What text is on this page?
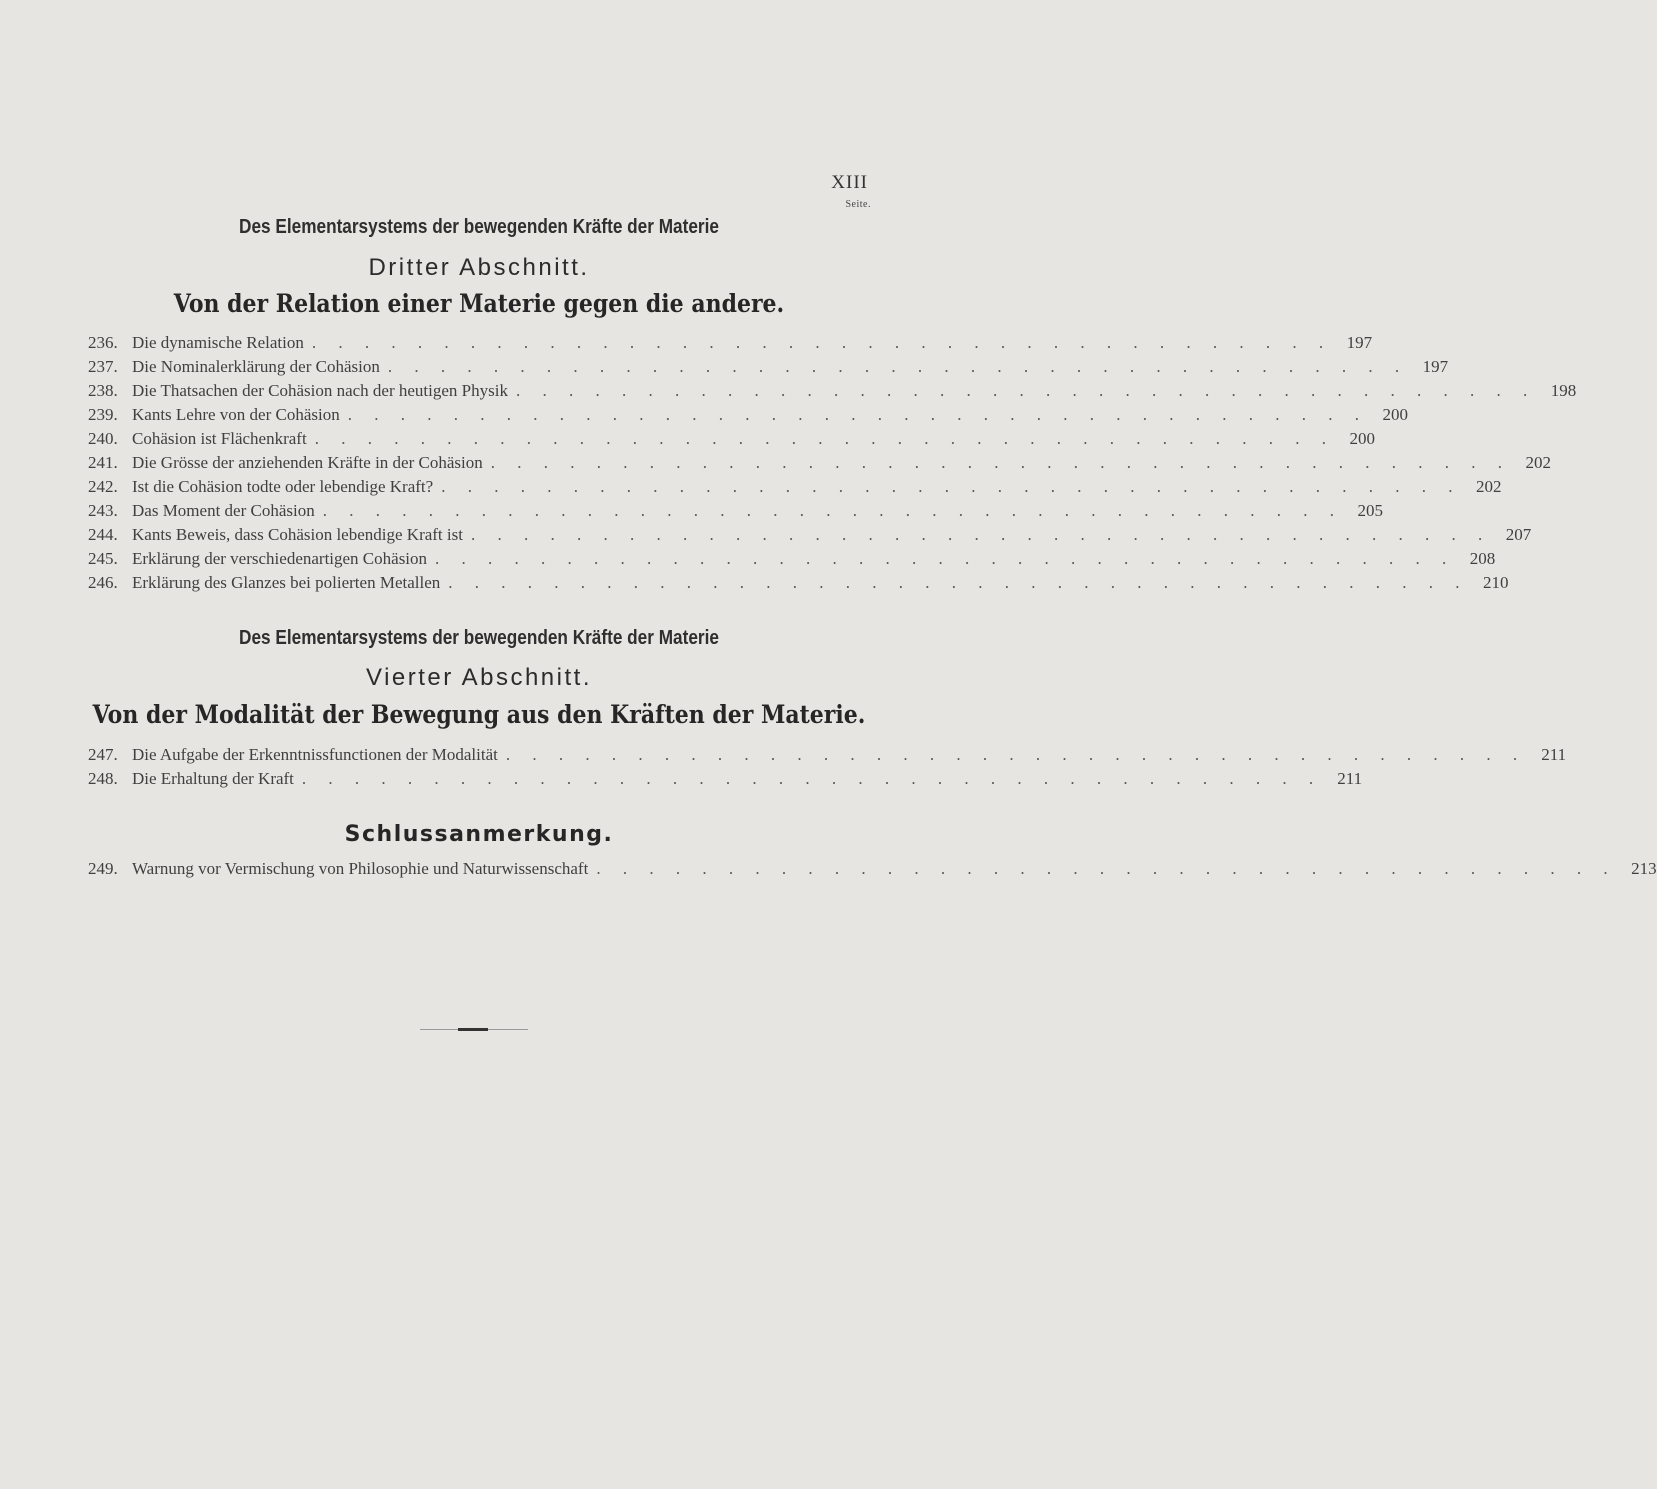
XIII
Seite.
Des Elementarsystems der bewegenden Kräfte der Materie
Dritter Abschnitt.
Von der Relation einer Materie gegen die andere.
236. Die dynamische Relation . . . . . . . . . . . . . . . . . . . . . . . . . . . . . . . . . . . . . . . 197
237. Die Nominalerklärung der Cohäsion . . . . . . . . . . . . . . . . . . . . . . . . . . . . . . . . . . . . . . . 197
238. Die Thatsachen der Cohäsion nach der heutigen Physik . . . . . . . . . . . . . . . . . . . . . . . . . . . . . . . . . . . . . . . 198
239. Kants Lehre von der Cohäsion . . . . . . . . . . . . . . . . . . . . . . . . . . . . . . . . . . . . . . . 200
240. Cohäsion ist Flächenkraft . . . . . . . . . . . . . . . . . . . . . . . . . . . . . . . . . . . . . . . 200
241. Die Grösse der anziehenden Kräfte in der Cohäsion . . . . . . . . . . . . . . . . . . . . . . . . . . . . . . . . . . . . . . . 202
242. Ist die Cohäsion todte oder lebendige Kraft? . . . . . . . . . . . . . . . . . . . . . . . . . . . . . . . . . . . . . . . 202
243. Das Moment der Cohäsion . . . . . . . . . . . . . . . . . . . . . . . . . . . . . . . . . . . . . . . 205
244. Kants Beweis, dass Cohäsion lebendige Kraft ist . . . . . . . . . . . . . . . . . . . . . . . . . . . . . . . . . . . . . . . 207
245. Erklärung der verschiedenartigen Cohäsion . . . . . . . . . . . . . . . . . . . . . . . . . . . . . . . . . . . . . . . 208
246. Erklärung des Glanzes bei polierten Metallen . . . . . . . . . . . . . . . . . . . . . . . . . . . . . . . . . . . . . . . 210
Des Elementarsystems der bewegenden Kräfte der Materie
Vierter Abschnitt.
Von der Modalität der Bewegung aus den Kräften der Materie.
247. Die Aufgabe der Erkenntnissfunctionen der Modalität . . . . . . . . . . . . . . . . . . . . . . . . . . . . . . . . . . . . . . . 211
248. Die Erhaltung der Kraft . . . . . . . . . . . . . . . . . . . . . . . . . . . . . . . . . . . . . . . 211
Schlussanmerkung.
249. Warnung vor Vermischung von Philosophie und Naturwissenschaft . . . . . . . . . . . . . . . . . . . . . . . . . . . . . . . . . . . . . . . 213
